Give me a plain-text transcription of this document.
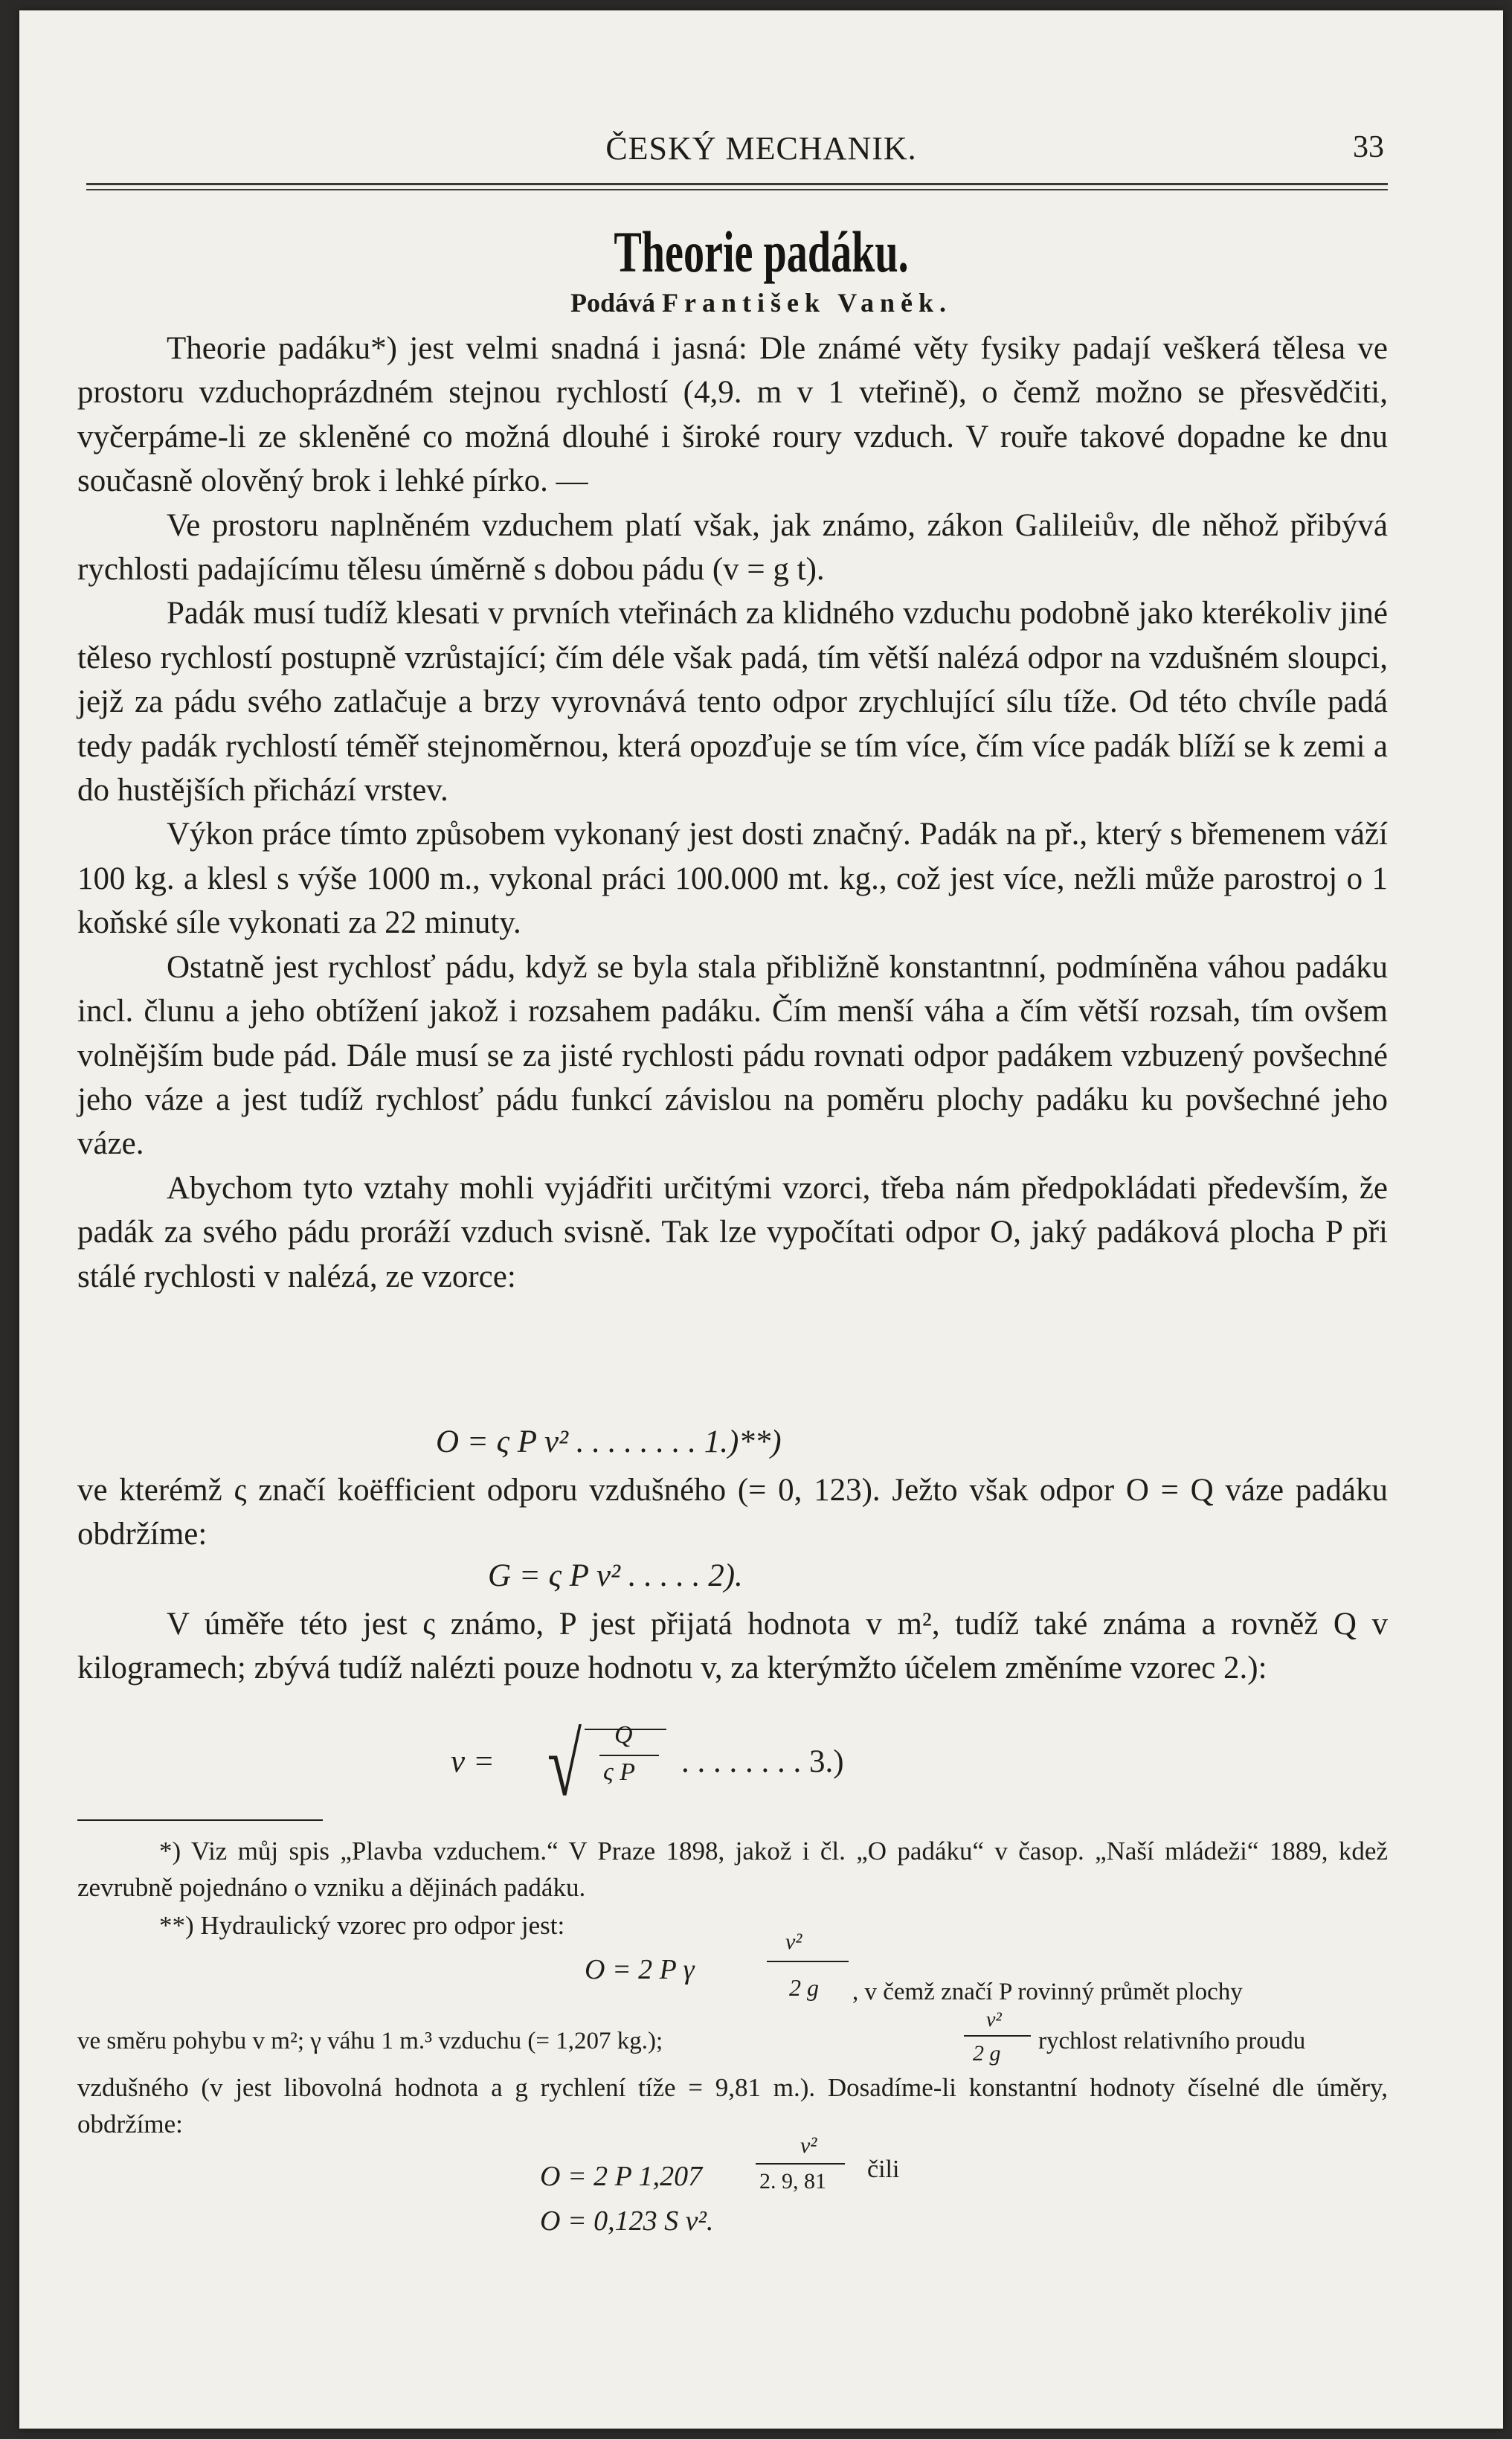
ČESKÝ MECHANIK.	33
Theorie padáku.
Podává František Vaněk.

Theorie padáku*) jest velmi snadná i jasná: Dle známé věty fysiky padají veškerá tělesa ve prostoru vzduchoprázdném stejnou rychlostí (4,9. m v 1 vteřině), o čemž možno se přesvědčiti, vyčerpáme-li ze skleněné co možná dlouhé i široké roury vzduch. V rouře takové dopadne ke dnu současně olověný brok i lehké pírko. —

Ve prostoru naplněném vzduchem platí však, jak známo, zákon Galileiův, dle něhož přibývá rychlosti padajícímu tělesu úměrně s dobou pádu (v = g t).

Padák musí tudíž klesati v prvních vteřinách za klidného vzduchu podobně jako kterékoliv jiné těleso rychlostí postupně vzrůstající; čím déle však padá, tím větší nalézá odpor na vzdušném sloupci, jejž za pádu svého zatlačuje a brzy vyrovnává tento odpor zrychlující sílu tíže. Od této chvíle padá tedy padák rychlostí téměř stejnoměrnou, která opozďuje se tím více, čím více padák blíží se k zemi a do hustějších přichází vrstev.

Výkon práce tímto způsobem vykonaný jest dosti značný. Padák na př., který s břemenem váží 100 kg. a klesl s výše 1000 m., vykonal práci 100.000 mt. kg., což jest více, nežli může parostroj o 1 koňské síle vykonati za 22 minuty.

Ostatně jest rychlosť pádu, když se byla stala přibližně konstantnní, podmíněna váhou padáku incl. člunu a jeho obtížení jakož i rozsahem padáku. Čím menší váha a čím větší rozsah, tím ovšem volnějším bude pád. Dále musí se za jisté rychlosti pádu rovnati odpor padákem vzbuzený povšechné jeho váze a jest tudíž rychlosť pádu funkcí závislou na poměru plochy padáku ku povšechné jeho váze.

Abychom tyto vztahy mohli vyjádřiti určitými vzorci, třeba nám předpokládati především, že padák za svého pádu proráží vzduch svisně. Tak lze vypočítati odpor O, jaký padáková plocha P při stálé rychlosti v nalézá, ze vzorce:

O = ς P v² . . . . . . . . 1.)**)

ve kterémž ς značí koëfficient odporu vzdušného (= 0, 123). Ježto však odpor O = Q váze padáku obdržíme:

G = ς P v² . . . . . 2).

V úměře této jest ς známo, P jest přijatá hodnota v m², tudíž také známa a rovněž Q v kilogramech; zbývá tudíž nalézti pouze hodnotu v, za kterýmžto účelem změníme vzorec 2.):

v = √ Q
ς P . . . . . . . . 3.)

*) Viz můj spis „Plavba vzduchem.“ V Praze 1898, jakož i čl. „O padáku“ v časop. „Naší mládeži“ 1889, kdež zevrubně pojednáno o vzniku a dějinách padáku.

**) Hydraulický vzorec pro odpor jest:

O = 2 P γ
v²
2 g , v čemž značí P rovinný průmět plochy
ve směru pohybu v m²; γ váhu 1 m.³ vzduchu (= 1,207 kg.);
v²
2 g rychlost relativního proudu

vzdušného (v jest libovolná hodnota a g rychlení tíže = 9,81 m.). Dosadíme-li konstantní hodnoty číselné dle úměry, obdržíme:

O = 2 P 1,207
v²
2. 9, 81 čili
O = 0,123 S v².
